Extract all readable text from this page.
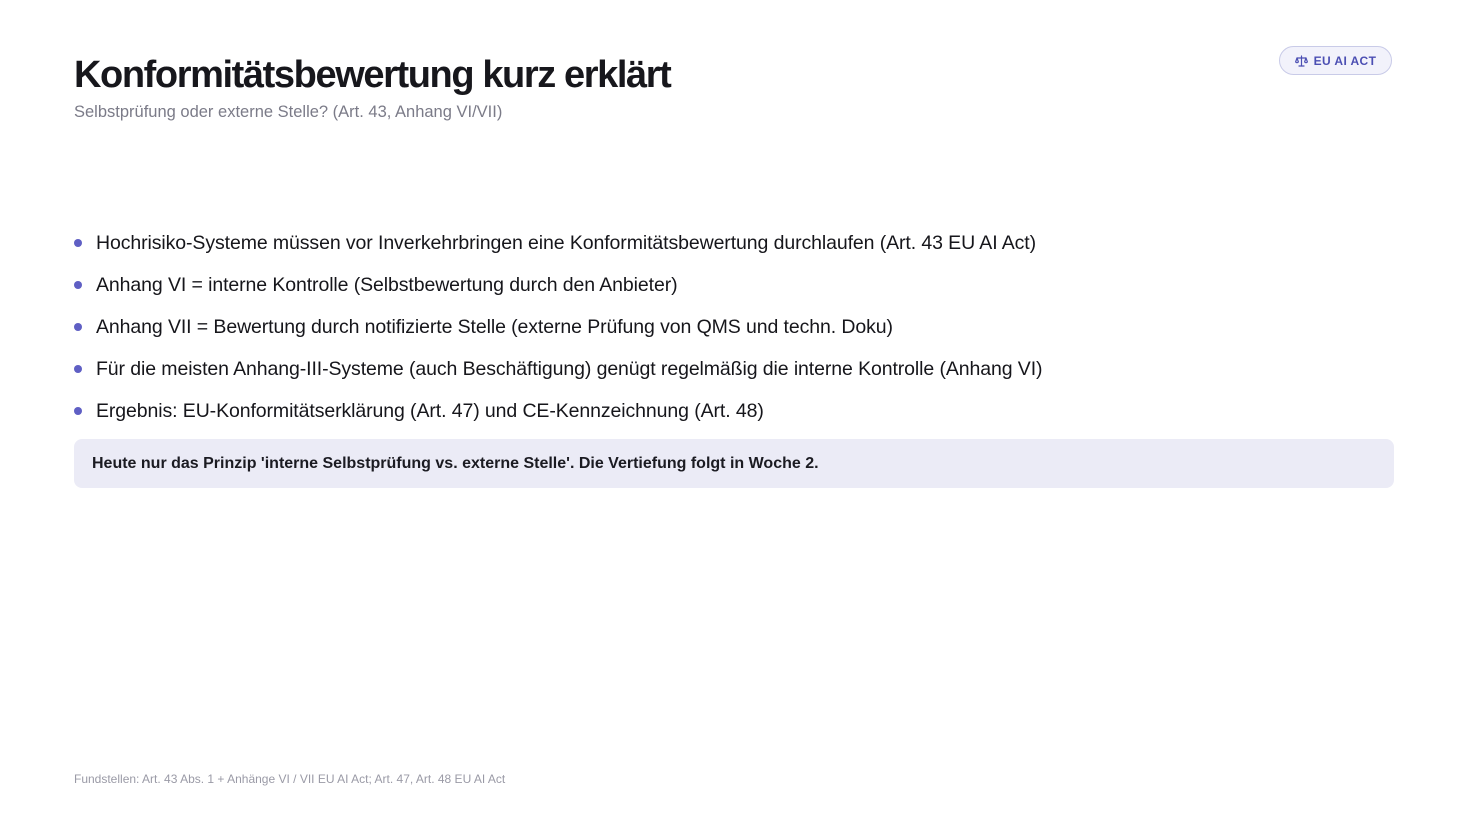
Konformitätsbewertung kurz erklärt

Selbstprüfung oder externe Stelle? (Art. 43, Anhang VI/VII)

EU AI ACT
Hochrisiko-Systeme müssen vor Inverkehrbringen eine Konformitätsbewertung durchlaufen (Art. 43 EU AI Act)
Anhang VI = interne Kontrolle (Selbstbewertung durch den Anbieter)
Anhang VII = Bewertung durch notifizierte Stelle (externe Prüfung von QMS und techn. Doku)
Für die meisten Anhang-III-Systeme (auch Beschäftigung) genügt regelmäßig die interne Kontrolle (Anhang VI)
Ergebnis: EU-Konformitätserklärung (Art. 47) und CE-Kennzeichnung (Art. 48)
Heute nur das Prinzip 'interne Selbstprüfung vs. externe Stelle'. Die Vertiefung folgt in Woche 2.

Fundstellen: Art. 43 Abs. 1 + Anhänge VI / VII EU AI Act; Art. 47, Art. 48 EU AI Act
